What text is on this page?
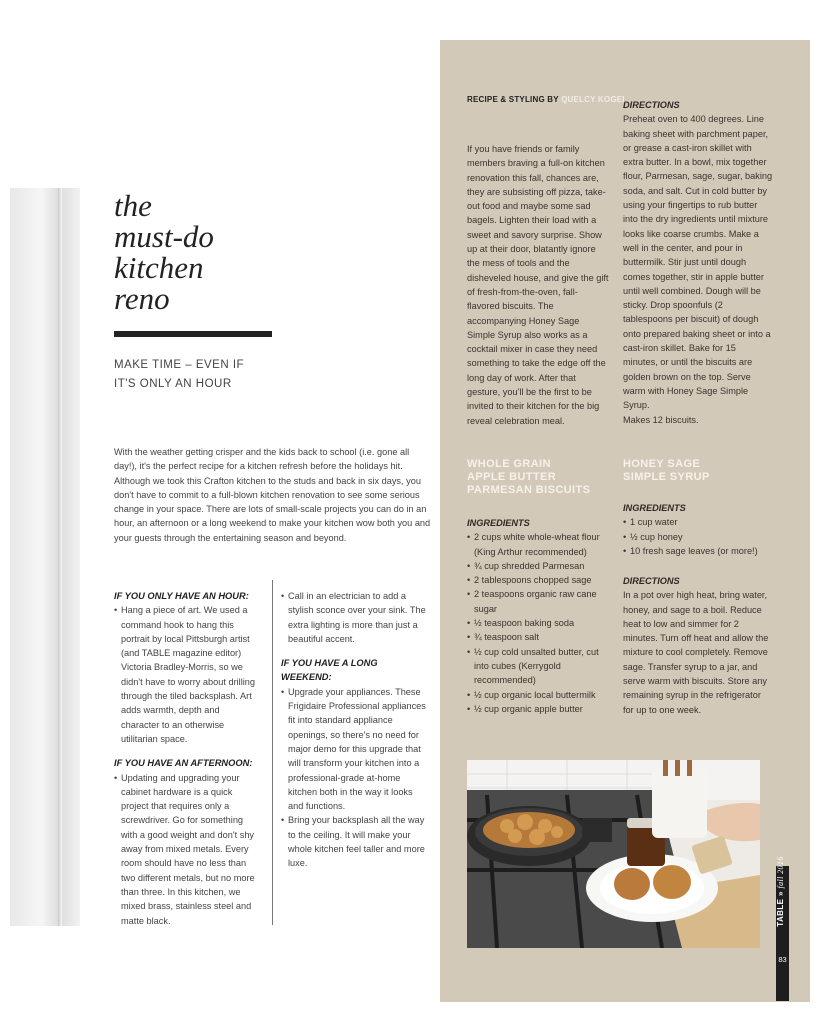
the
must-do
kitchen
reno
MAKE TIME – EVEN IF
IT'S ONLY AN HOUR
With the weather getting crisper and the kids back to school (i.e. gone all day!), it's the perfect recipe for a kitchen refresh before the holidays hit. Although we took this Crafton kitchen to the studs and back in six days, you don't have to commit to a full-blown kitchen renovation to see some serious change in your space. There are lots of small-scale projects you can do in an hour, an afternoon or a long weekend to make your kitchen wow both you and your guests through the entertaining season and beyond.
IF YOU ONLY HAVE AN HOUR:
• Hang a piece of art. We used a command hook to hang this portrait by local Pittsburgh artist (and TABLE magazine editor) Victoria Bradley-Morris, so we didn't have to worry about drilling through the tiled backsplash. Art adds warmth, depth and character to an otherwise utilitarian space.
IF YOU HAVE AN AFTERNOON:
• Updating and upgrading your cabinet hardware is a quick project that requires only a screwdriver. Go for something with a good weight and don't shy away from mixed metals. Every room should have no less than two different metals, but no more than three. In this kitchen, we mixed brass, stainless steel and matte black.
• Call in an electrician to add a stylish sconce over your sink. The extra lighting is more than just a beautiful accent.
IF YOU HAVE A LONG WEEKEND:
• Upgrade your appliances. These Frigidaire Professional appliances fit into standard appliance openings, so there's no need for major demo for this upgrade that will transform your kitchen into a professional-grade at-home kitchen both in the way it looks and functions.
• Bring your backsplash all the way to the ceiling. It will make your whole kitchen feel taller and more luxe.
RECIPE & STYLING BY QUELCY KOGEL
If you have friends or family members braving a full-on kitchen renovation this fall, chances are, they are subsisting off pizza, take-out food and maybe some sad bagels. Lighten their load with a sweet and savory surprise. Show up at their door, blatantly ignore the mess of tools and the disheveled house, and give the gift of fresh-from-the-oven, fall-flavored biscuits. The accompanying Honey Sage Simple Syrup also works as a cocktail mixer in case they need something to take the edge off the long day of work. After that gesture, you'll be the first to be invited to their kitchen for the big reveal celebration meal.
DIRECTIONS
Preheat oven to 400 degrees. Line baking sheet with parchment paper, or grease a cast-iron skillet with extra butter. In a bowl, mix together flour, Parmesan, sage, sugar, baking soda, and salt. Cut in cold butter by using your fingertips to rub butter into the dry ingredients until mixture looks like coarse crumbs. Make a well in the center, and pour in buttermilk. Stir just until dough comes together, stir in apple butter until well combined. Dough will be sticky. Drop spoonfuls (2 tablespoons per biscuit) of dough onto prepared baking sheet or into a cast-iron skillet. Bake for 15 minutes, or until the biscuits are golden brown on the top. Serve warm with Honey Sage Simple Syrup.
Makes 12 biscuits.
WHOLE GRAIN
APPLE BUTTER
PARMESAN BISCUITS
HONEY SAGE
SIMPLE SYRUP
INGREDIENTS
• 2 cups white whole-wheat flour (King Arthur recommended)
• ¾ cup shredded Parmesan
• 2 tablespoons chopped sage
• 2 teaspoons organic raw cane sugar
• ½ teaspoon baking soda
• ¾ teaspoon salt
• ½ cup cold unsalted butter, cut into cubes (Kerrygold recommended)
• ½ cup organic local buttermilk
• ½ cup organic apple butter
INGREDIENTS
• 1 cup water
• ½ cup honey
• 10 fresh sage leaves (or more!)
DIRECTIONS
In a pot over high heat, bring water, honey, and sage to a boil. Reduce heat to low and simmer for 2 minutes. Turn off heat and allow the mixture to cool completely. Remove sage. Transfer syrup to a jar, and serve warm with biscuits. Store any remaining syrup in the refrigerator for up to one week.
TABLE » fall 2016
83
